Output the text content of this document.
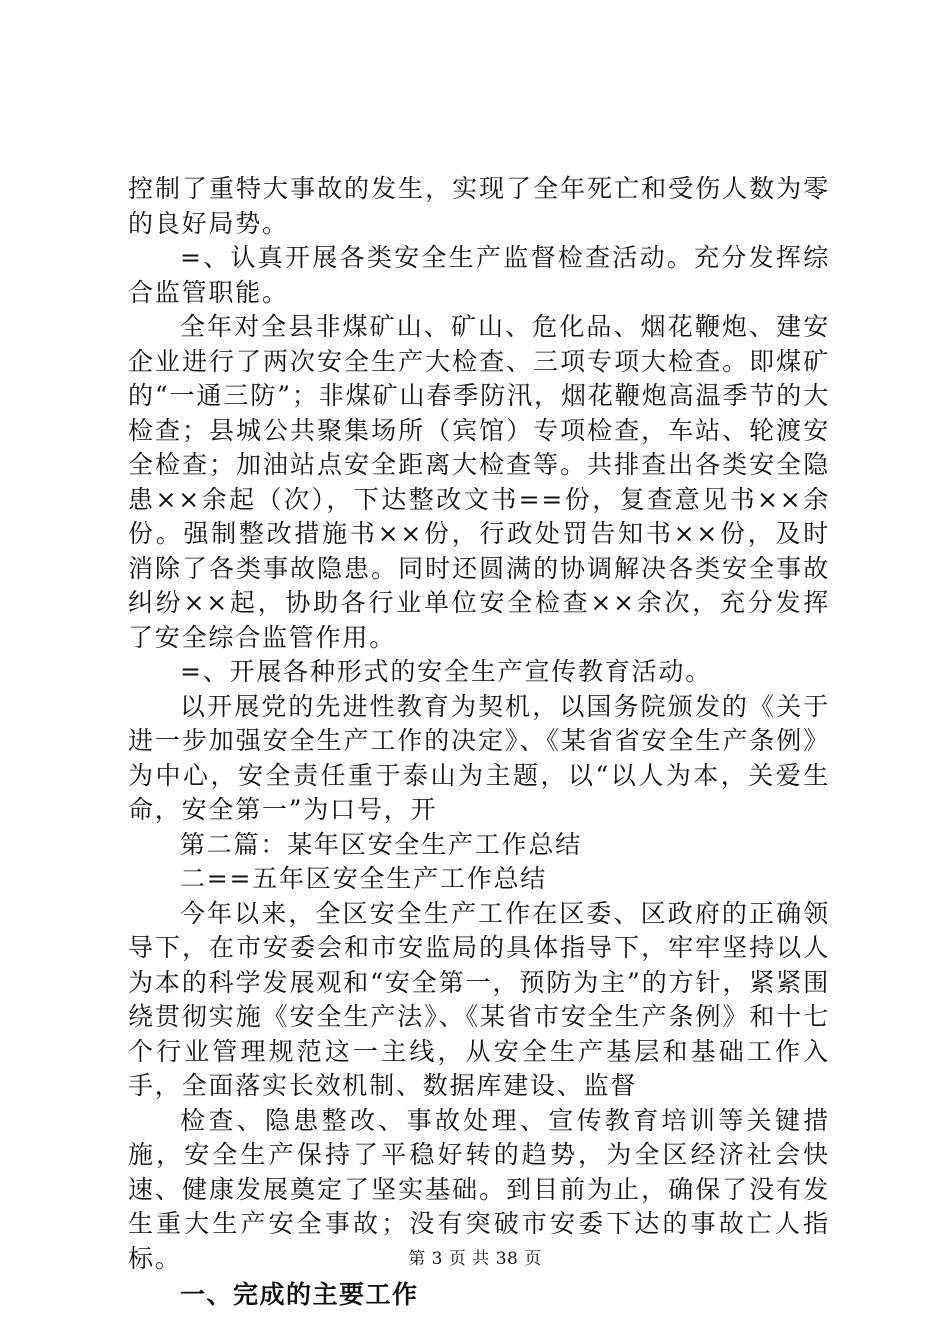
控制了重特大事故的发生，实现了全年死亡和受伤人数为零的良好局势。

=、认真开展各类安全生产监督检查活动。充分发挥综合监管职能。

全年对全县非煤矿山、矿山、危化品、烟花鞭炮、建安企业进行了两次安全生产大检查、三项专项大检查。即煤矿的“一通三防”；非煤矿山春季防汛，烟花鞭炮高温季节的大检查；县城公共聚集场所（宾馆）专项检查，车站、轮渡安全检查；加油站点安全距离大检查等。共排查出各类安全隐患××余起（次），下达整改文书==份，复查意见书××余份。强制整改措施书××份，行政处罚告知书××份，及时消除了各类事故隐患。同时还圆满的协调解决各类安全事故纠纷××起，协助各行业单位安全检查××余次，充分发挥了安全综合监管作用。

=、开展各种形式的安全生产宣传教育活动。

以开展党的先进性教育为契机，以国务院颁发的《关于进一步加强安全生产工作的决定》、《某省省安全生产条例》为中心，安全责任重于泰山为主题，以“以人为本，关爱生命，安全第一”为口号，开

第二篇：某年区安全生产工作总结

二==五年区安全生产工作总结

今年以来，全区安全生产工作在区委、区政府的正确领导下，在市安委会和市安监局的具体指导下，牢牢坚持以人为本的科学发展观和“安全第一，预防为主”的方针，紧紧围绕贯彻实施《安全生产法》、《某省市安全生产条例》和十七个行业管理规范这一主线，从安全生产基层和基础工作入手，全面落实长效机制、数据库建设、监督

检查、隐患整改、事故处理、宣传教育培训等关键措施，安全生产保持了平稳好转的趋势，为全区经济社会快速、健康发展奠定了坚实基础。到目前为止，确保了没有发生重大生产安全事故；没有突破市安委下达的事故亡人指标。

一、完成的主要工作

第 3 页 共 38 页
